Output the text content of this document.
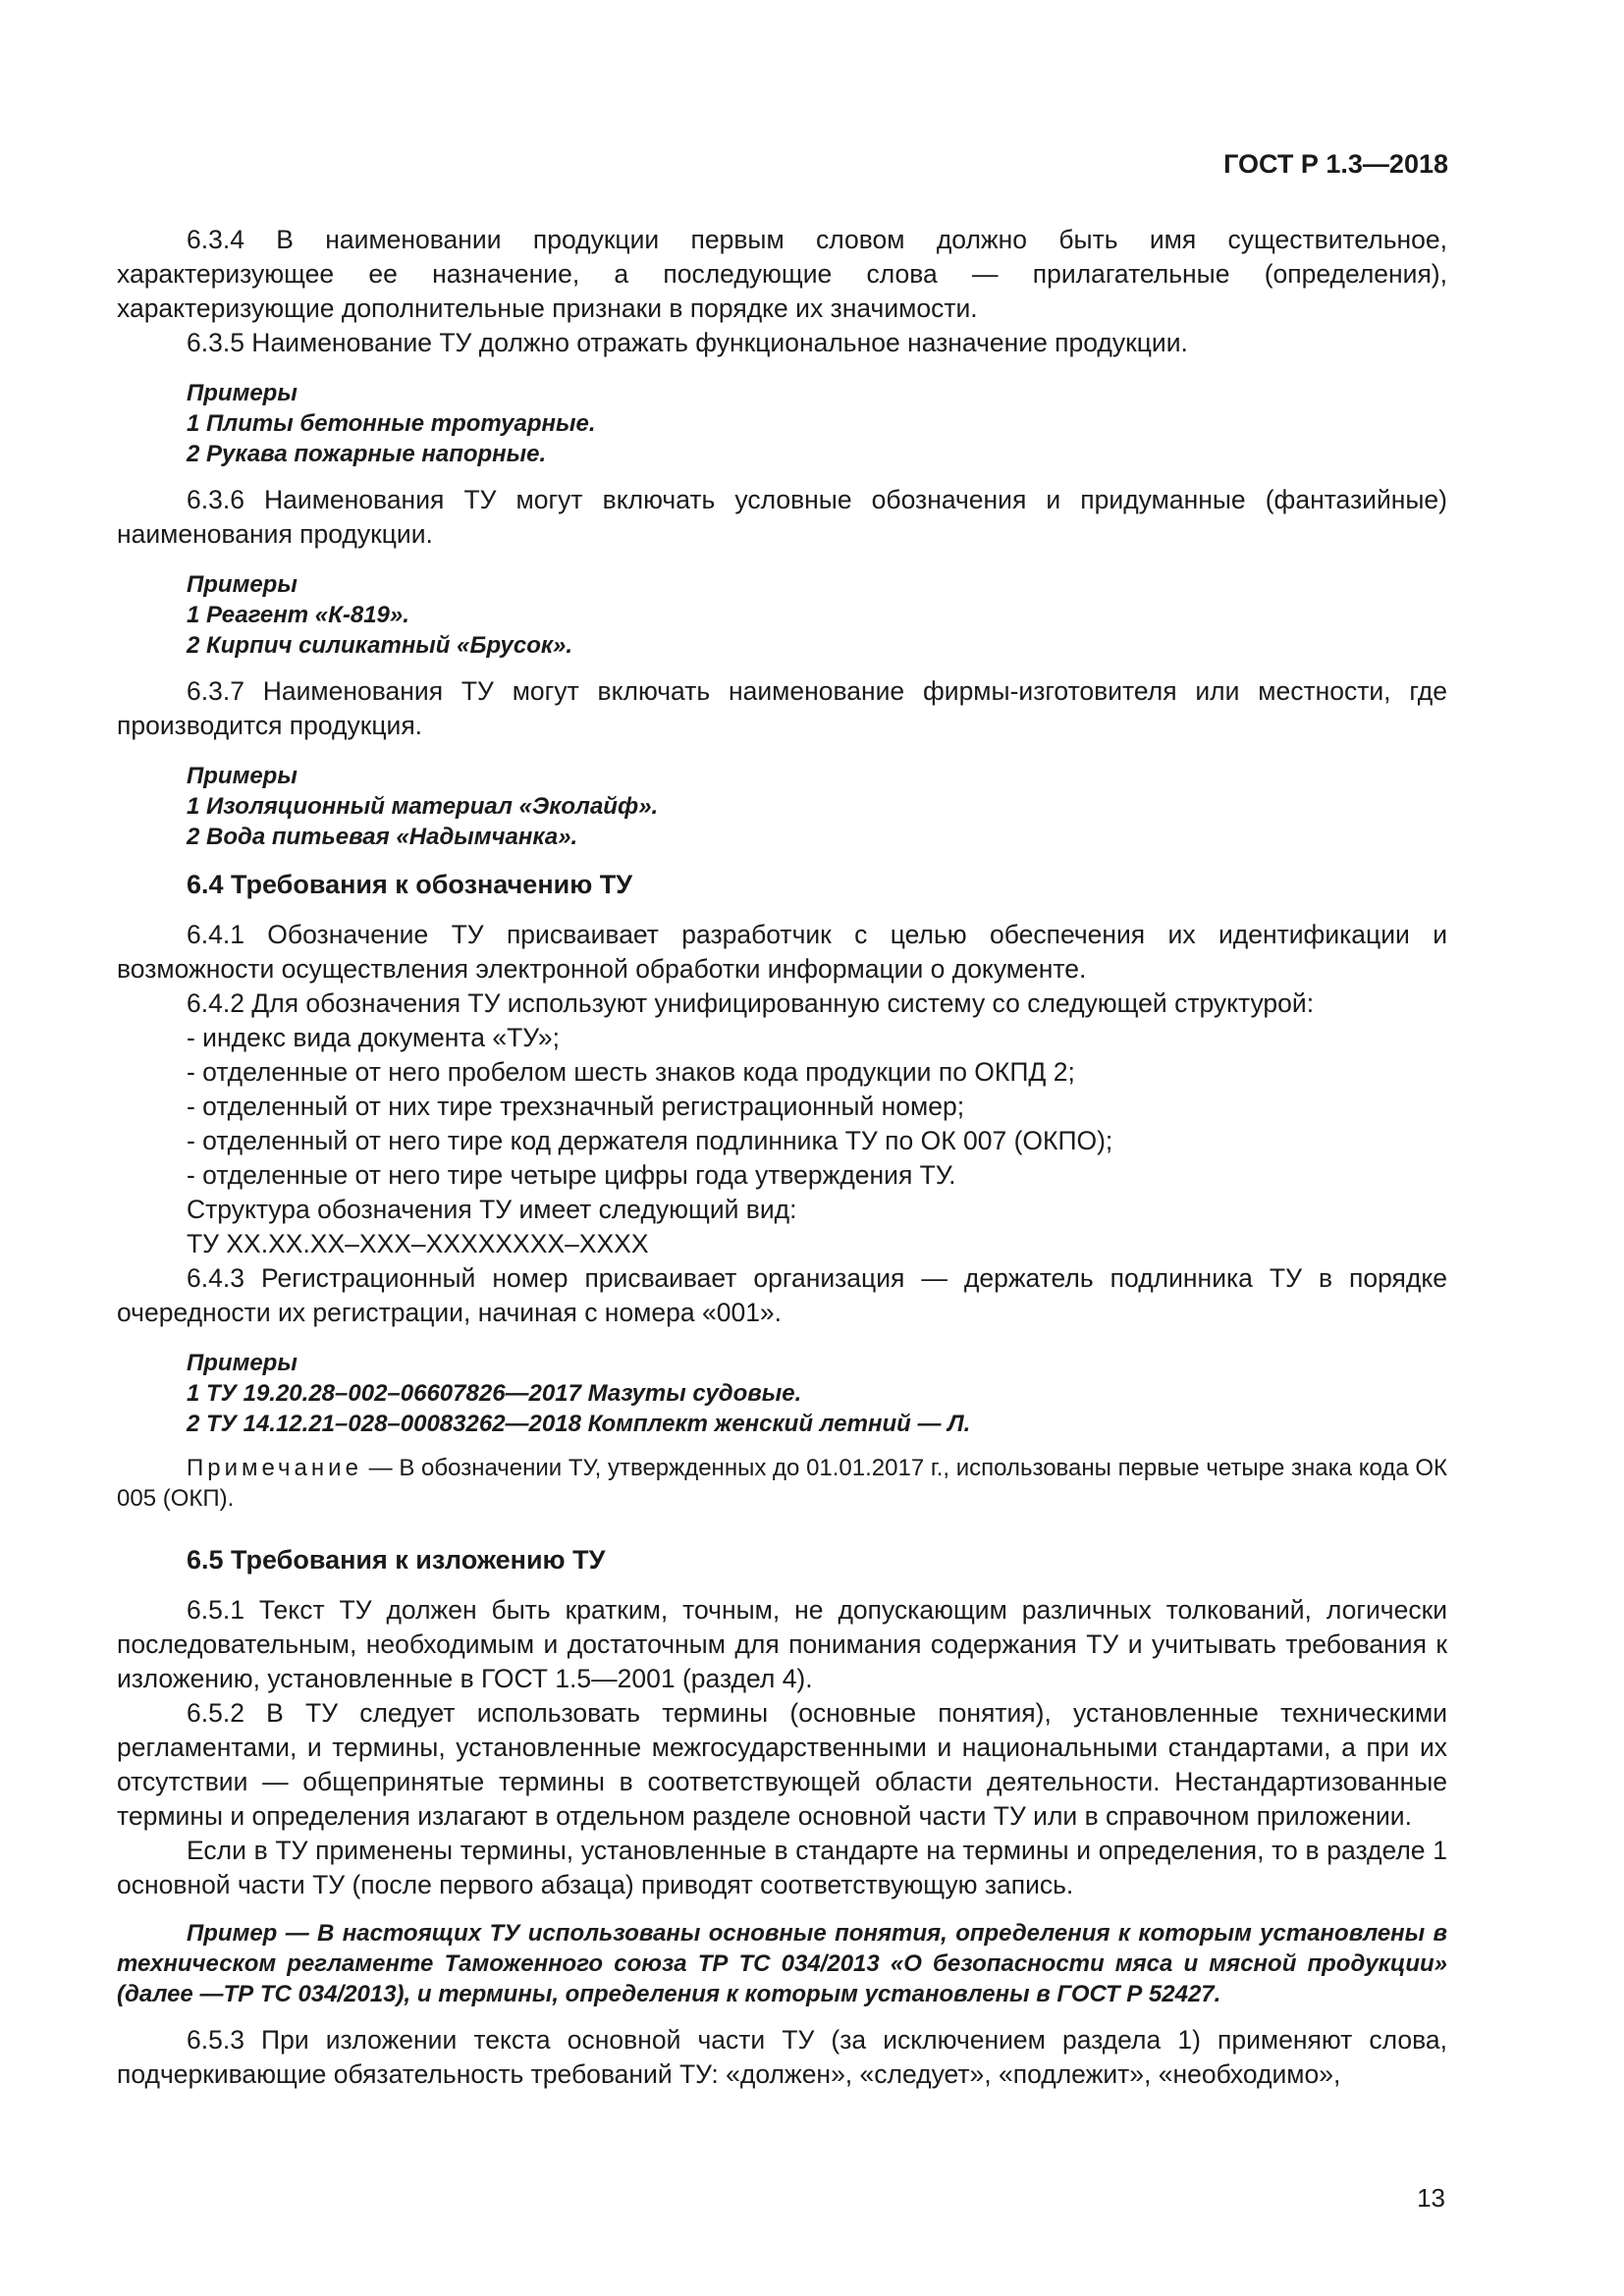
ГОСТ Р 1.3—2018

6.3.4 В наименовании продукции первым словом должно быть имя существительное, характеризующее ее назначение, а последующие слова — прилагательные (определения), характеризующие дополнительные признаки в порядке их значимости.

6.3.5 Наименование ТУ должно отражать функциональное назначение продукции.

Примеры
1 Плиты бетонные тротуарные.
2 Рукава пожарные напорные.

6.3.6 Наименования ТУ могут включать условные обозначения и придуманные (фантазийные) наименования продукции.

Примеры
1 Реагент «К-819».
2 Кирпич силикатный «Брусок».

6.3.7 Наименования ТУ могут включать наименование фирмы-изготовителя или местности, где производится продукция.

Примеры
1 Изоляционный материал «Эколайф».
2 Вода питьевая «Надымчанка».
6.4 Требования к обозначению ТУ

6.4.1 Обозначение ТУ присваивает разработчик с целью обеспечения их идентификации и возможности осуществления электронной обработки информации о документе.

6.4.2 Для обозначения ТУ используют унифицированную систему со следующей структурой:

- индекс вида документа «ТУ»;

- отделенные от него пробелом шесть знаков кода продукции по ОКПД 2;

- отделенный от них тире трехзначный регистрационный номер;

- отделенный от него тире код держателя подлинника ТУ по ОК 007 (ОКПО);

- отделенные от него тире четыре цифры года утверждения ТУ.

Структура обозначения ТУ имеет следующий вид:

ТУ XX.XX.XX–XXX–XXXXXXXX–XXXX

6.4.3 Регистрационный номер присваивает организация — держатель подлинника ТУ в порядке очередности их регистрации, начиная с номера «001».

Примеры
1 ТУ 19.20.28–002–06607826—2017 Мазуты судовые.
2 ТУ 14.12.21–028–00083262—2018 Комплект женский летний — Л.

Примечание — В обозначении ТУ, утвержденных до 01.01.2017 г., использованы первые четыре знака кода ОК 005 (ОКП).

6.5 Требования к изложению ТУ

6.5.1 Текст ТУ должен быть кратким, точным, не допускающим различных толкований, логически последовательным, необходимым и достаточным для понимания содержания ТУ и учитывать требования к изложению, установленные в ГОСТ 1.5—2001 (раздел 4).

6.5.2 В ТУ следует использовать термины (основные понятия), установленные техническими регламентами, и термины, установленные межгосударственными и национальными стандартами, а при их отсутствии — общепринятые термины в соответствующей области деятельности. Нестандартизованные термины и определения излагают в отдельном разделе основной части ТУ или в справочном приложении.

Если в ТУ применены термины, установленные в стандарте на термины и определения, то в разделе 1 основной части ТУ (после первого абзаца) приводят соответствующую запись.

Пример — В настоящих ТУ использованы основные понятия, определения к которым установлены в техническом регламенте Таможенного союза ТР ТС 034/2013 «О безопасности мяса и мясной продукции» (далее —ТР ТС 034/2013), и термины, определения к которым установлены в ГОСТ Р 52427.

6.5.3 При изложении текста основной части ТУ (за исключением раздела 1) применяют слова, подчеркивающие обязательность требований ТУ: «должен», «следует», «подлежит», «необходимо»,

13
